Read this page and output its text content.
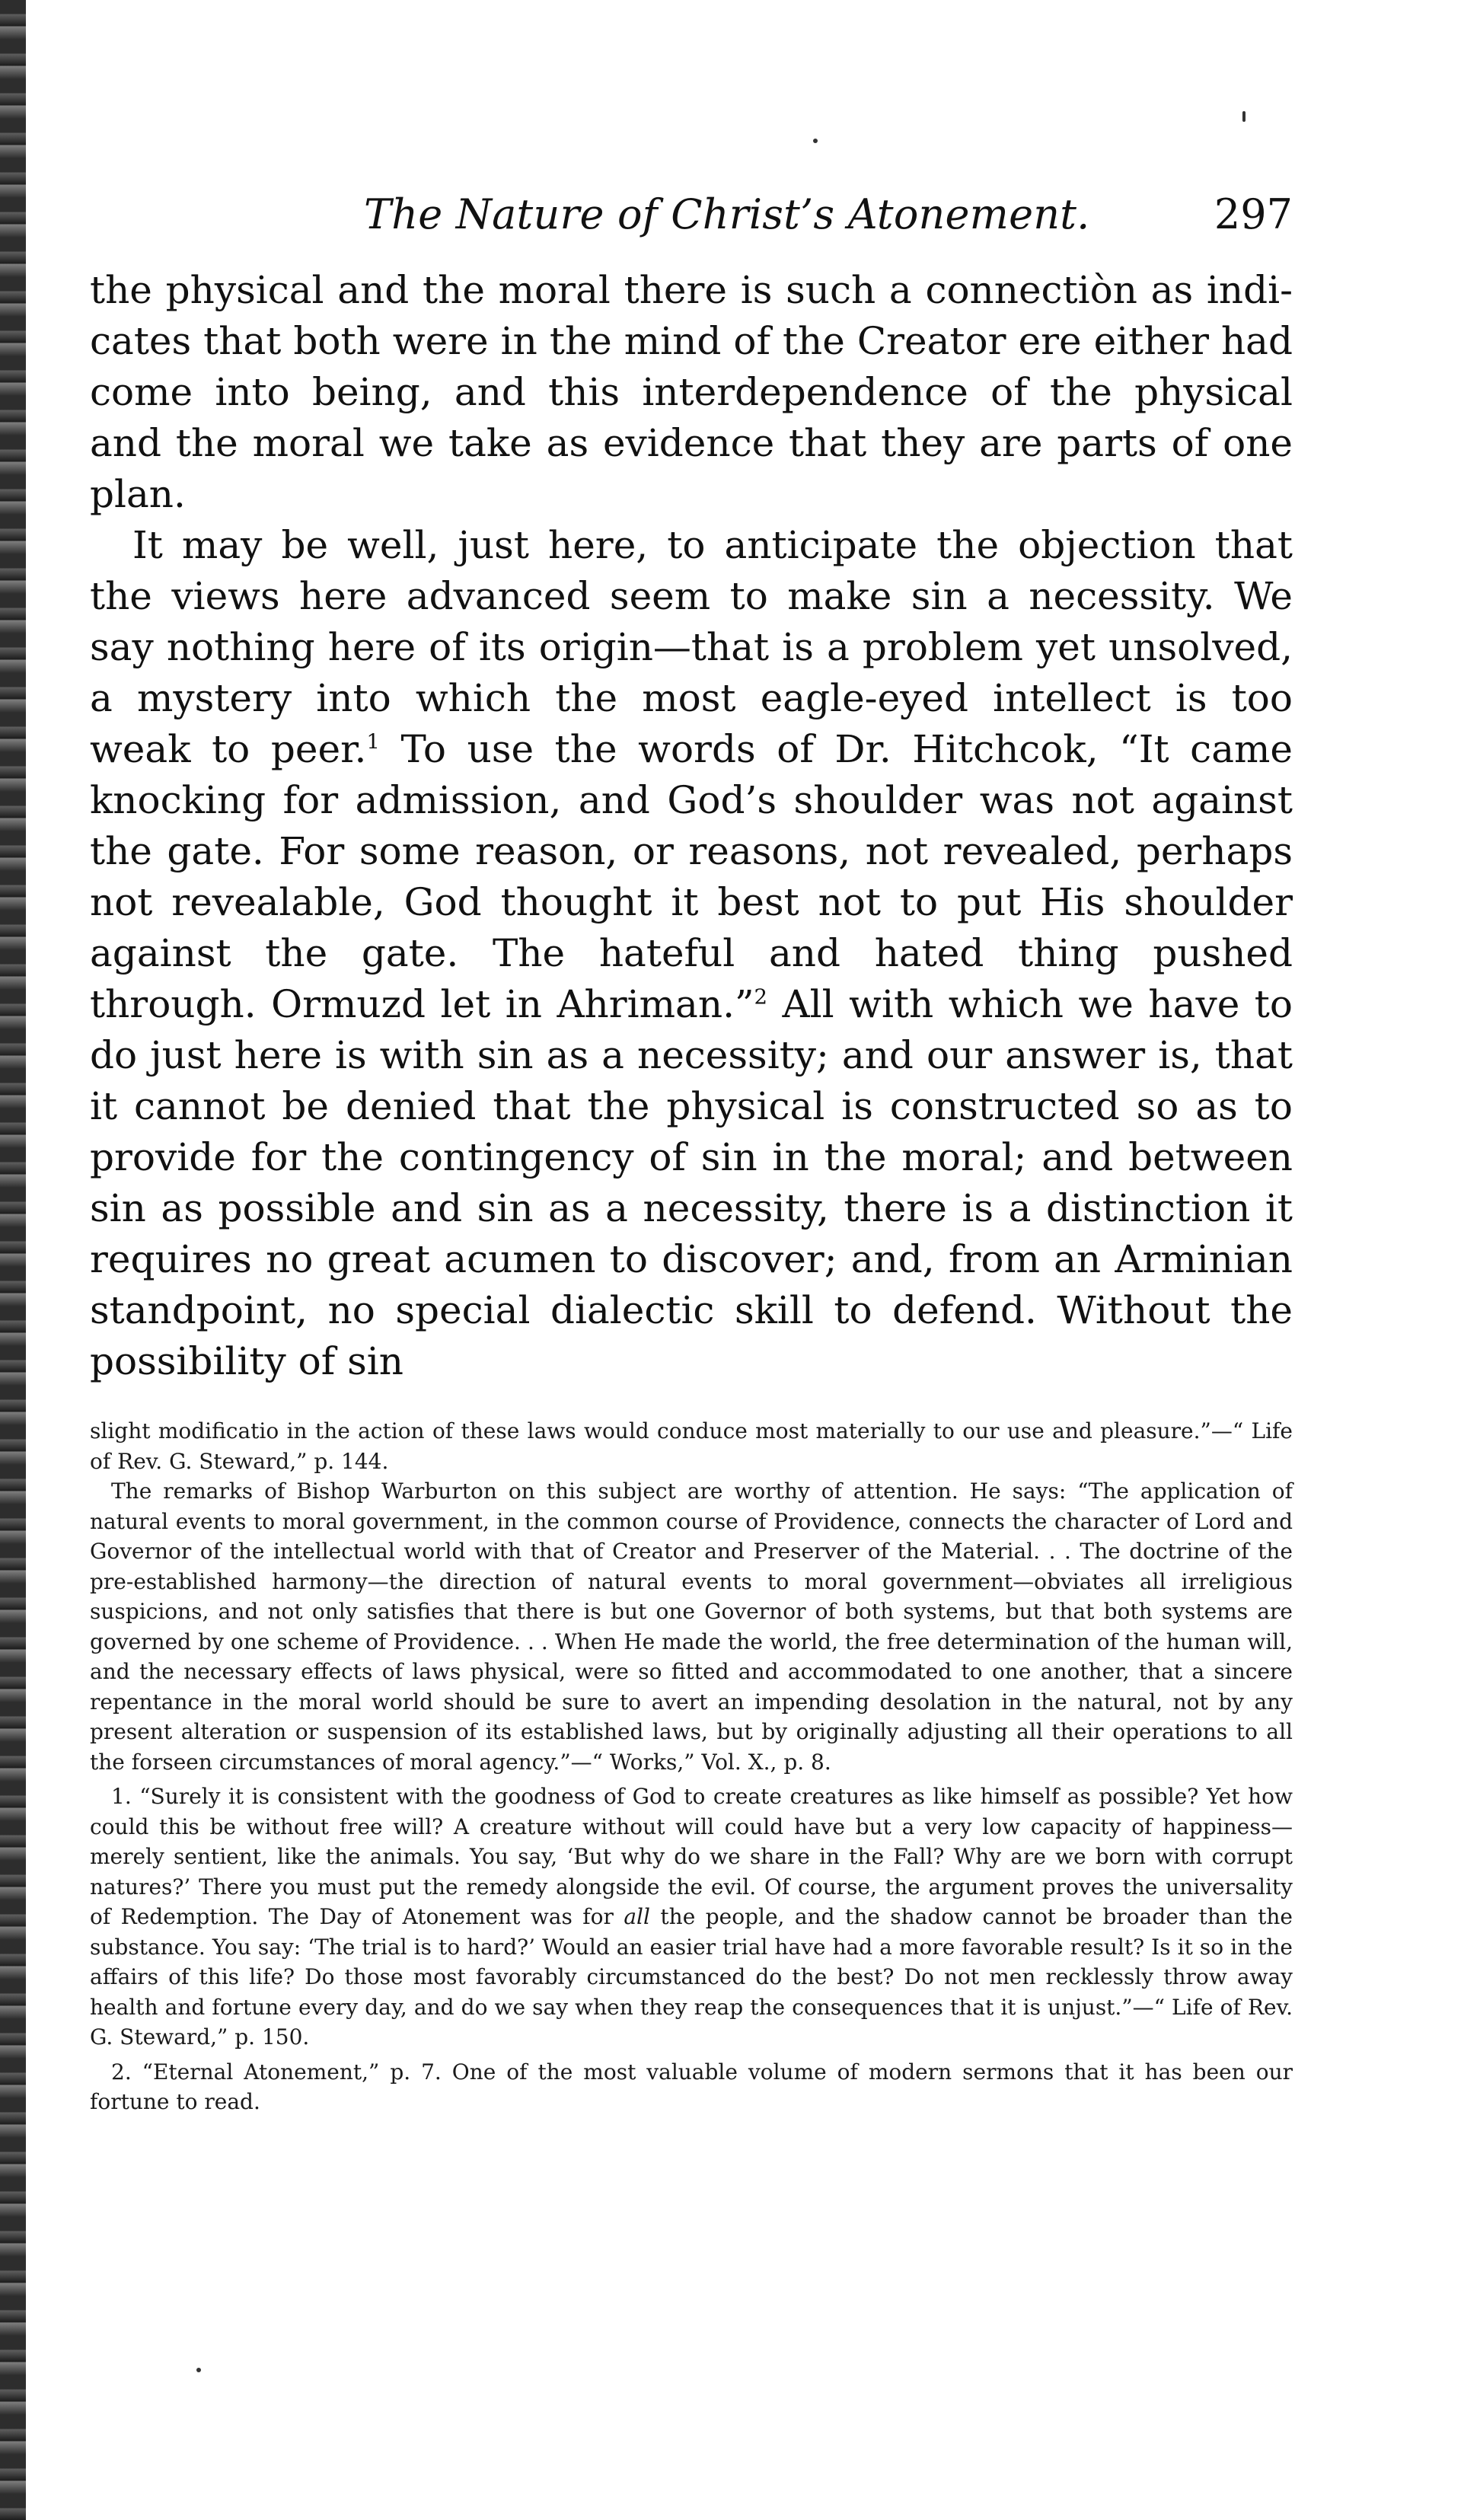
The Nature of Christ’s Atonement.	297

the physical and the moral there is such a connectiòn as indicates that both were in the mind of the Creator ere either had come into being, and this interdependence of the physical and the moral we take as evidence that they are parts of one plan.

It may be well, just here, to anticipate the objection that the views here advanced seem to make sin a necessity. We say nothing here of its origin—that is a problem yet unsolved, a mystery into which the most eagle-eyed intellect is too weak to peer.$^1$ To use the words of Dr. Hitchcok, “It came knocking for admission, and God’s shoulder was not against the gate. For some reason, or reasons, not revealed, perhaps not revealable, God thought it best not to put His shoulder against the gate. The hateful and hated thing pushed through. Ormuzd let in Ahriman.”$^2$ All with which we have to do just here is with sin as a necessity; and our answer is, that it cannot be denied that the physical is constructed so as to provide for the contingency of sin in the moral; and between sin as possible and sin as a necessity, there is a distinction it requires no great acumen to discover; and, from an Arminian standpoint, no special dialectic skill to defend. Without the possibility of sin

slight modificatio in the action of these laws would conduce most materially to our use and pleasure.”—“ Life of Rev. G. Steward,” p. 144.

The remarks of Bishop Warburton on this subject are worthy of attention. He says: “The application of natural events to moral government, in the common course of Providence, connects the character of Lord and Governor of the intellectual world with that of Creator and Preserver of the Material. . . The doctrine of the pre-established harmony—the direction of natural events to moral government—obviates all irreligious suspicions, and not only satisfies that there is but one Governor of both systems, but that both systems are governed by one scheme of Providence. . . When He made the world, the free determination of the human will, and the necessary effects of laws physical, were so fitted and accommodated to one another, that a sincere repentance in the moral world should be sure to avert an impending desolation in the natural, not by any present alteration or suspension of its established laws, but by originally adjusting all their operations to all the forseen circumstances of moral agency.”—“ Works,” Vol. X., p. 8.

1. “Surely it is consistent with the goodness of God to create creatures as like himself as possible? Yet how could this be without free will? A creature without will could have but a very low capacity of happiness—merely sentient, like the animals. You say, ‘But why do we share in the Fall? Why are we born with corrupt natures?’ There you must put the remedy alongside the evil. Of course, the argument proves the universality of Redemption. The Day of Atonement was for all the people, and the shadow cannot be broader than the substance. You say: ‘The trial is to hard?’ Would an easier trial have had a more favorable result? Is it so in the affairs of this life? Do those most favorably circumstanced do the best? Do not men recklessly throw away health and fortune every day, and do we say when they reap the consequences that it is unjust.”—“ Life of Rev. G. Steward,” p. 150.

2. “Eternal Atonement,” p. 7. One of the most valuable volume of modern sermons that it has been our fortune to read.
